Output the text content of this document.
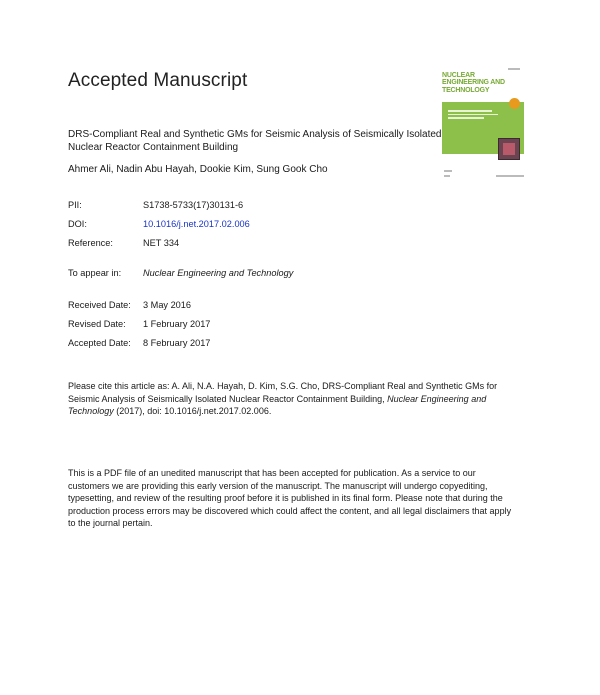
Accepted Manuscript	NUCLEAR ENGINEERING AND TECHNOLOGY
DRS-Compliant Real and Synthetic GMs for Seismic Analysis of Seismically Isolated Nuclear Reactor Containment Building
Ahmer Ali, Nadin Abu Hayah, Dookie Kim, Sung Gook Cho
PII:	S1738-5733(17)30131-6
DOI:	10.1016/j.net.2017.02.006
Reference:	NET 334
To appear in: Nuclear Engineering and Technology
Received Date: 3 May 2016
Revised Date: 1 February 2017
Accepted Date: 8 February 2017
Please cite this article as: A. Ali, N.A. Hayah, D. Kim, S.G. Cho, DRS-Compliant Real and Synthetic GMs for Seismic Analysis of Seismically Isolated Nuclear Reactor Containment Building, Nuclear Engineering and Technology (2017), doi: 10.1016/j.net.2017.02.006.
This is a PDF file of an unedited manuscript that has been accepted for publication. As a service to our customers we are providing this early version of the manuscript. The manuscript will undergo copyediting, typesetting, and review of the resulting proof before it is published in its final form. Please note that during the production process errors may be discovered which could affect the content, and all legal disclaimers that apply to the journal pertain.
